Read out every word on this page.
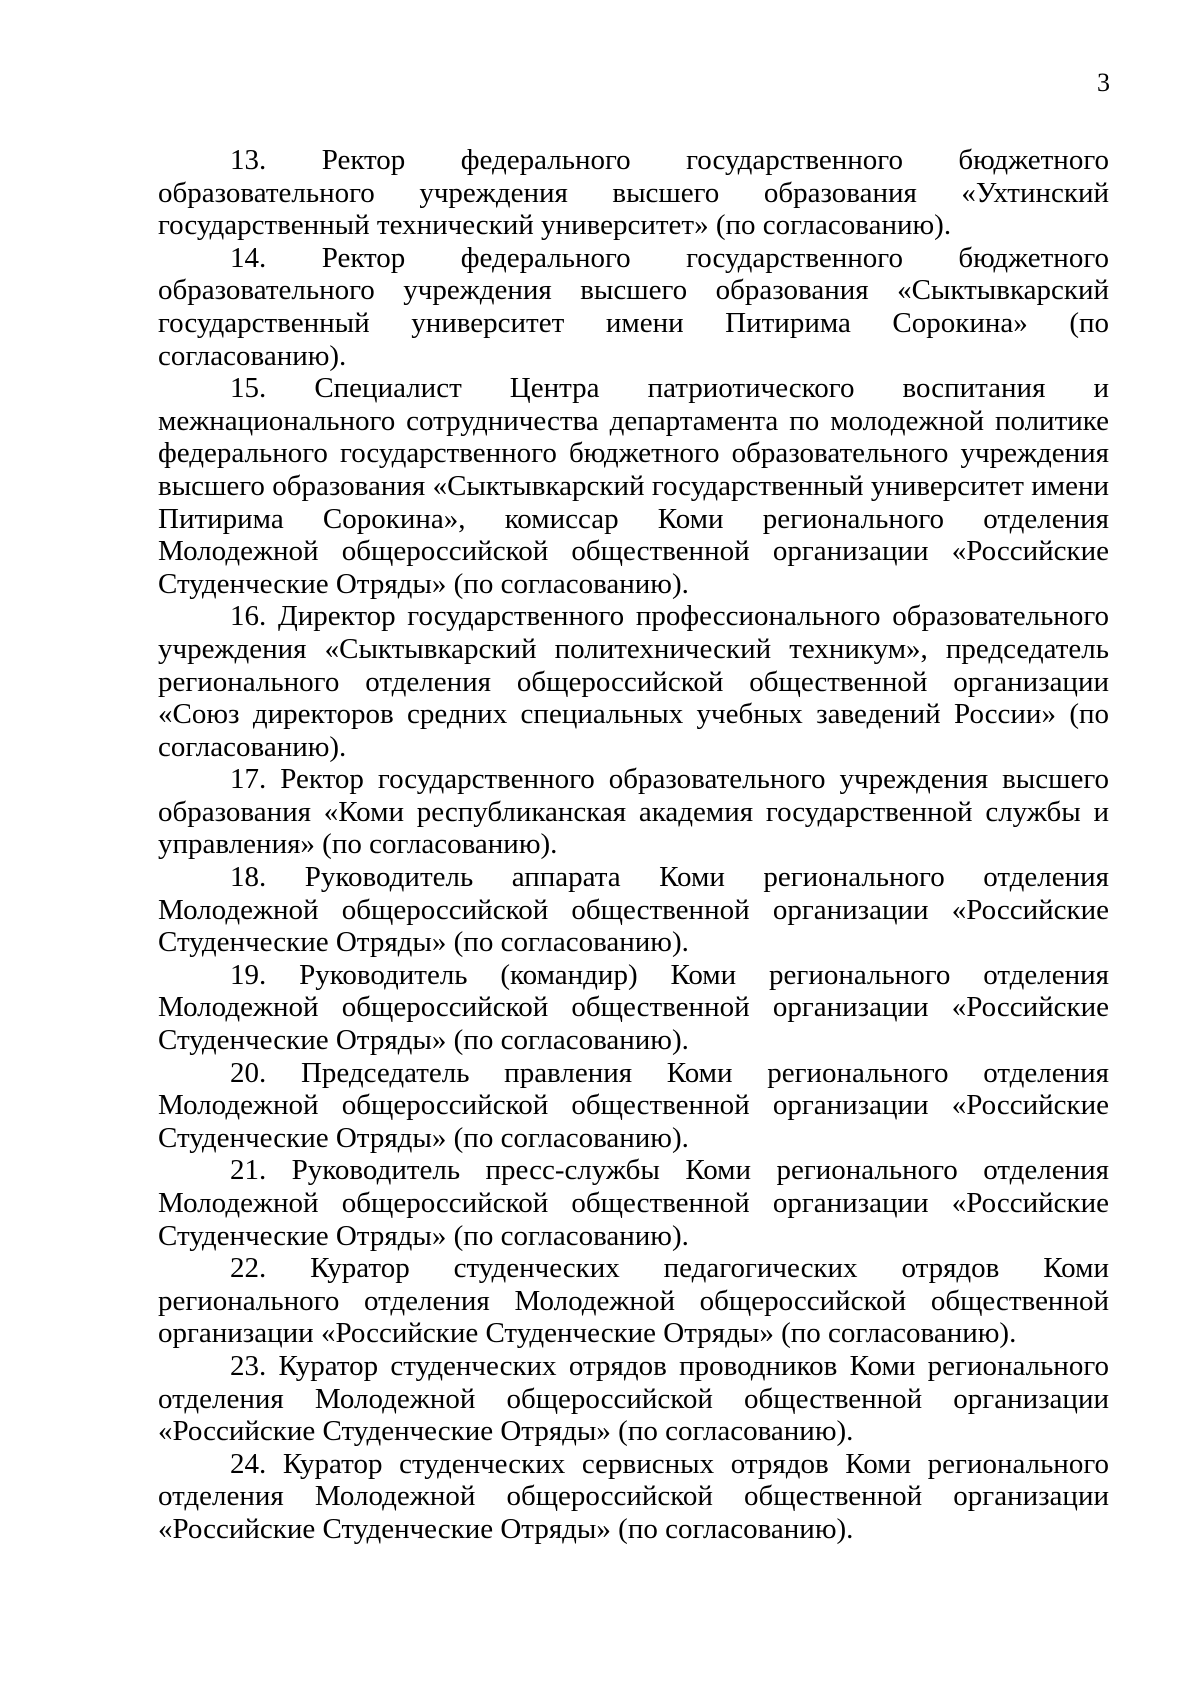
3

13. Ректор федерального государственного бюджетного образовательного учреждения высшего образования «Ухтинский государственный технический университет» (по согласованию).

14. Ректор федерального государственного бюджетного образовательного учреждения высшего образования «Сыктывкарский государственный университет имени Питирима Сорокина» (по согласованию).

15. Специалист Центра патриотического воспитания и межнационального сотрудничества департамента по молодежной политике федерального государственного бюджетного образовательного учреждения высшего образования «Сыктывкарский государственный университет имени Питирима Сорокина», комиссар Коми регионального отделения Молодежной общероссийской общественной организации «Российские Студенческие Отряды» (по согласованию).

16. Директор государственного профессионального образовательного учреждения «Сыктывкарский политехнический техникум», председатель регионального отделения общероссийской общественной организации «Союз директоров средних специальных учебных заведений России» (по согласованию).

17. Ректор государственного образовательного учреждения высшего образования «Коми республиканская академия государственной службы и управления» (по согласованию).

18. Руководитель аппарата Коми регионального отделения Молодежной общероссийской общественной организации «Российские Студенческие Отряды» (по согласованию).

19. Руководитель (командир) Коми регионального отделения Молодежной общероссийской общественной организации «Российские Студенческие Отряды» (по согласованию).

20. Председатель правления Коми регионального отделения Молодежной общероссийской общественной организации «Российские Студенческие Отряды» (по согласованию).

21. Руководитель пресс-службы Коми регионального отделения Молодежной общероссийской общественной организации «Российские Студенческие Отряды» (по согласованию).

22. Куратор студенческих педагогических отрядов Коми регионального отделения Молодежной общероссийской общественной организации «Российские Студенческие Отряды» (по согласованию).

23. Куратор студенческих отрядов проводников Коми регионального отделения Молодежной общероссийской общественной организации «Российские Студенческие Отряды» (по согласованию).

24. Куратор студенческих сервисных отрядов Коми регионального отделения Молодежной общероссийской общественной организации «Российские Студенческие Отряды» (по согласованию).
